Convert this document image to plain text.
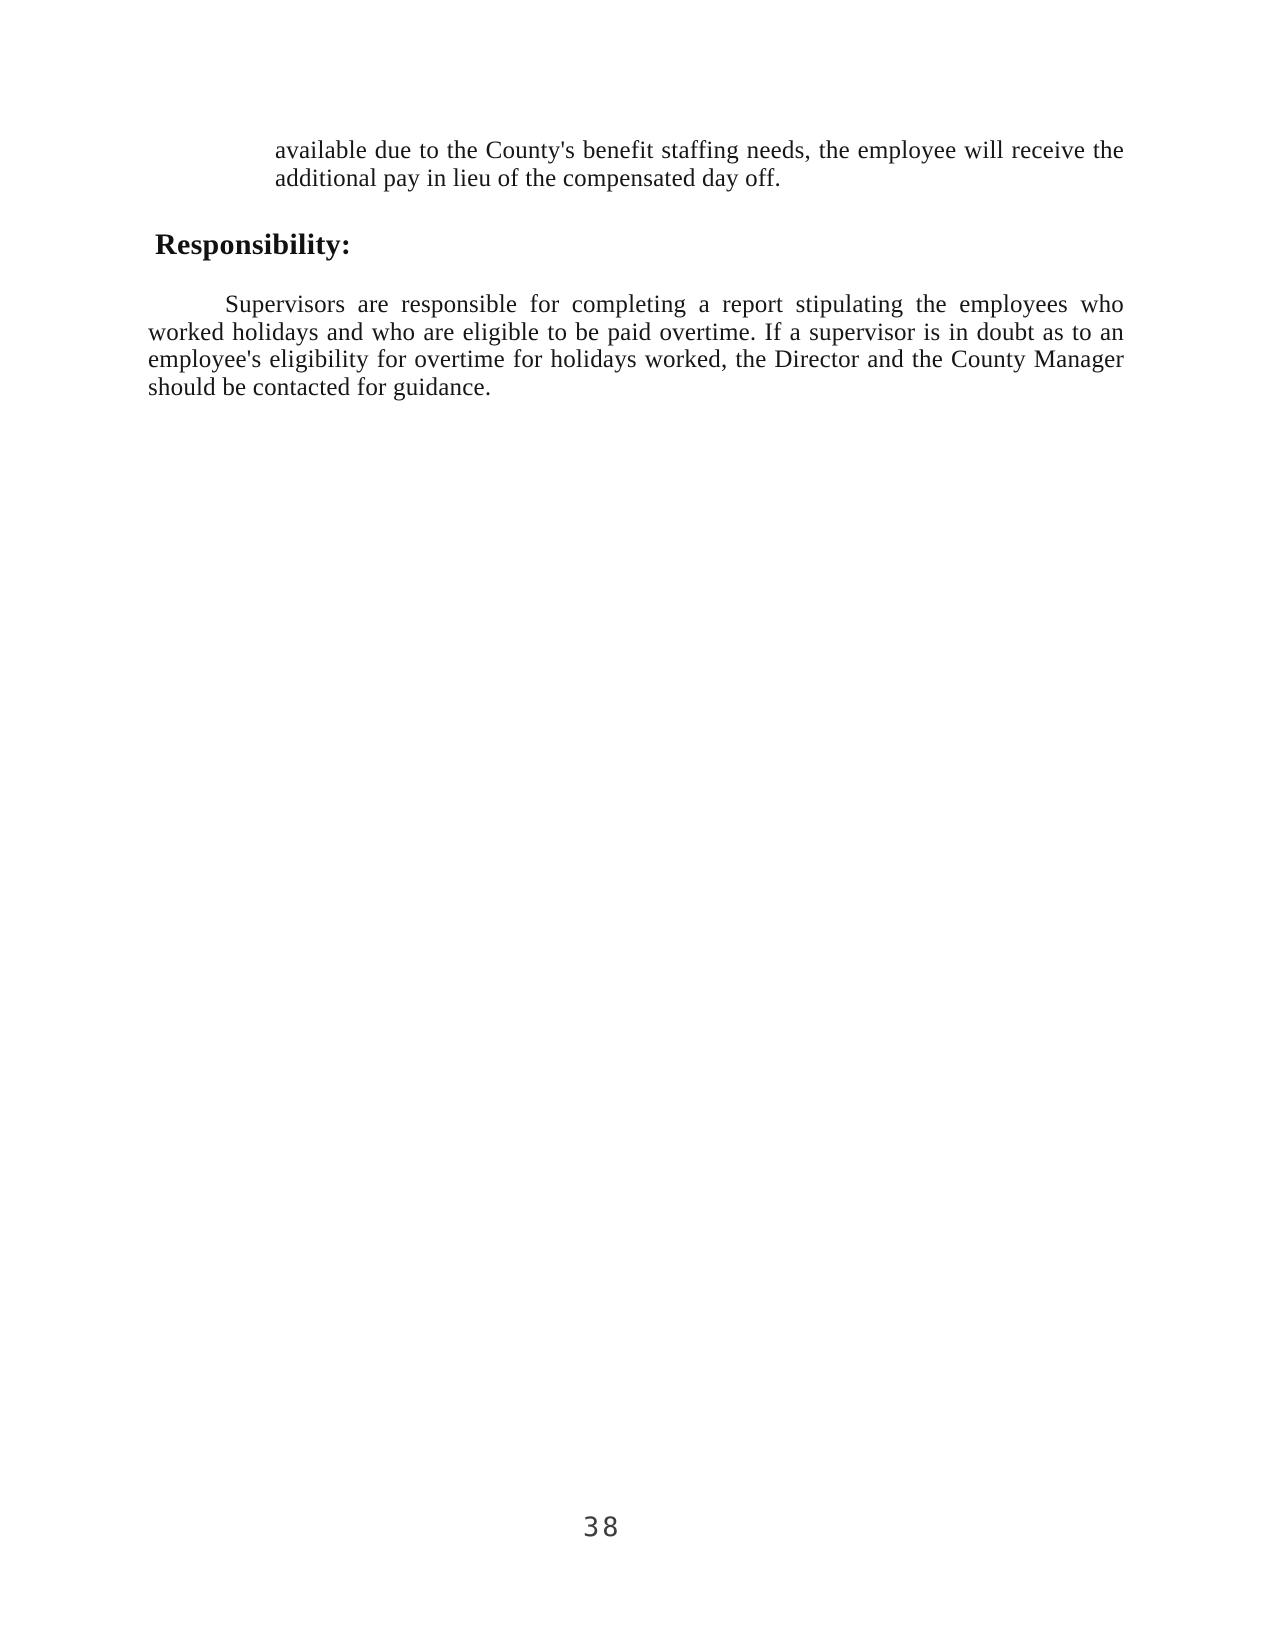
available due to the County's benefit staffing needs, the employee will receive the
additional pay in lieu of the compensated day off.
Responsibility:
Supervisors are responsible for completing a report stipulating the employees who
worked holidays and who are eligible to be paid overtime. If a supervisor is in doubt as to an
employee's eligibility for overtime for holidays worked, the Director and the County Manager
should be contacted for guidance.
38
